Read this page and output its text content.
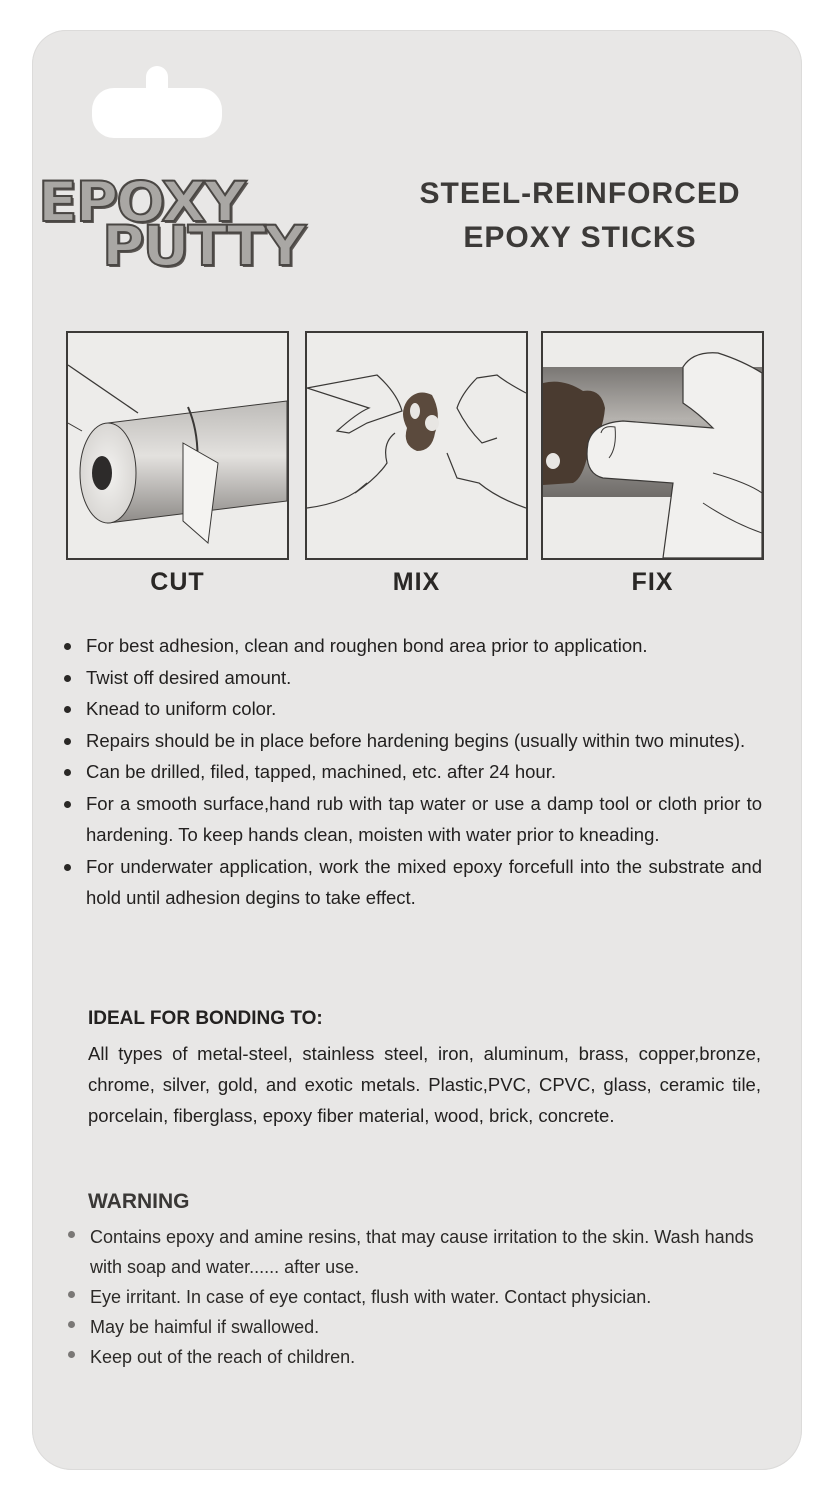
EPOXY
PUTTY
STEEL-REINFORCED
EPOXY STICKS
CUT	MIX	FIX
For best adhesion, clean and roughen bond area prior to application.
Twist off desired amount.
Knead to uniform color.
Repairs should be in place before hardening begins (usually within two minutes).
Can be drilled, filed, tapped, machined, etc. after 24 hour.
For a smooth surface,hand rub with tap water or use a damp tool or cloth prior to hardening. To keep hands clean, moisten with water prior to kneading.
For underwater application, work the mixed epoxy forcefull into the substrate and hold until adhesion degins to take effect.
IDEAL FOR BONDING TO:
All types of metal-steel, stainless steel, iron, aluminum, brass, copper,bronze, chrome, silver, gold, and exotic metals. Plastic,PVC, CPVC, glass, ceramic tile, porcelain, fiberglass, epoxy fiber material, wood, brick, concrete.
WARNING
Contains epoxy and amine resins, that may cause irritation to the skin. Wash hands with soap and water...... after use.
Eye irritant. In case of eye contact, flush with water. Contact physician.
May be haimful if swallowed.
Keep out of the reach of children.
